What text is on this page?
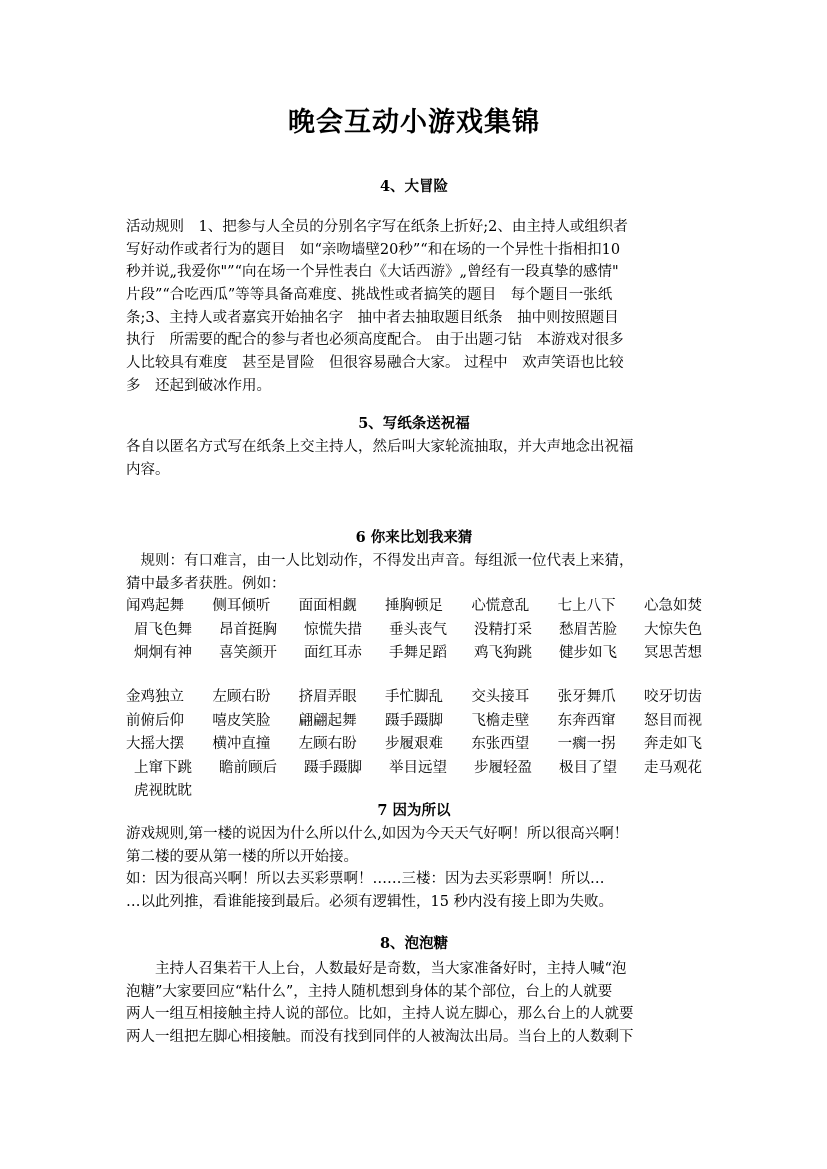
晚会互动小游戏集锦
4、大冒险
活动规则　1、把参与人全员的分别名字写在纸条上折好;2、由主持人或组织者
写好动作或者行为的题目　如“亲吻墙壁20秒”“和在场的一个异性十指相扣10
秒并说„我爱你"”“向在场一个异性表白《大话西游》„曾经有一段真挚的感情"
片段”“合吃西瓜”等等具备高难度、挑战性或者搞笑的题目　每个题目一张纸
条;3、主持人或者嘉宾开始抽名字　抽中者去抽取题目纸条　抽中则按照题目
执行　所需要的配合的参与者也必须高度配合。 由于出题刁钻　本游戏对很多
人比较具有难度　甚至是冒险　但很容易融合大家。 过程中　欢声笑语也比较
多　还起到破冰作用。
5、写纸条送祝福
各自以匿名方式写在纸条上交主持人，然后叫大家轮流抽取，并大声地念出祝福
内容。
6 你来比划我来猜
　规则：有口难言，由一人比划动作，不得发出声音。每组派一位代表上来猜，
猜中最多者获胜。例如：
闻鸡起舞 侧耳倾听 面面相觑 捶胸顿足 心慌意乱 七上八下 心急如焚
眉飞色舞 昂首挺胸 惊慌失措 垂头丧气 没精打采 愁眉苦脸 大惊失色
炯炯有神 喜笑颜开 面红耳赤 手舞足蹈 鸡飞狗跳 健步如飞 冥思苦想
金鸡独立 左顾右盼 挤眉弄眼 手忙脚乱 交头接耳 张牙舞爪 咬牙切齿
前俯后仰 嘻皮笑脸 翩翩起舞 蹑手蹑脚 飞檐走壁 东奔西窜 怒目而视
大摇大摆 横冲直撞 左顾右盼 步履艰难 东张西望 一瘸一拐 奔走如飞
上窜下跳 瞻前顾后 蹑手蹑脚 举目远望 步履轻盈 极目了望 走马观花
虎视眈眈
7 因为所以
游戏规则,第一楼的说因为什么所以什么,如因为今天天气好啊！所以很高兴啊！
第二楼的要从第一楼的所以开始接。
如：因为很高兴啊！所以去买彩票啊！……三楼：因为去买彩票啊！所以…
…以此列推，看谁能接到最后。必须有逻辑性，15 秒内没有接上即为失败。
8、泡泡糖
　　主持人召集若干人上台，人数最好是奇数，当大家准备好时，主持人喊“泡
泡糖”大家要回应“粘什么”，主持人随机想到身体的某个部位，台上的人就要
两人一组互相接触主持人说的部位。比如，主持人说左脚心，那么台上的人就要
两人一组把左脚心相接触。而没有找到同伴的人被淘汰出局。当台上的人数剩下
